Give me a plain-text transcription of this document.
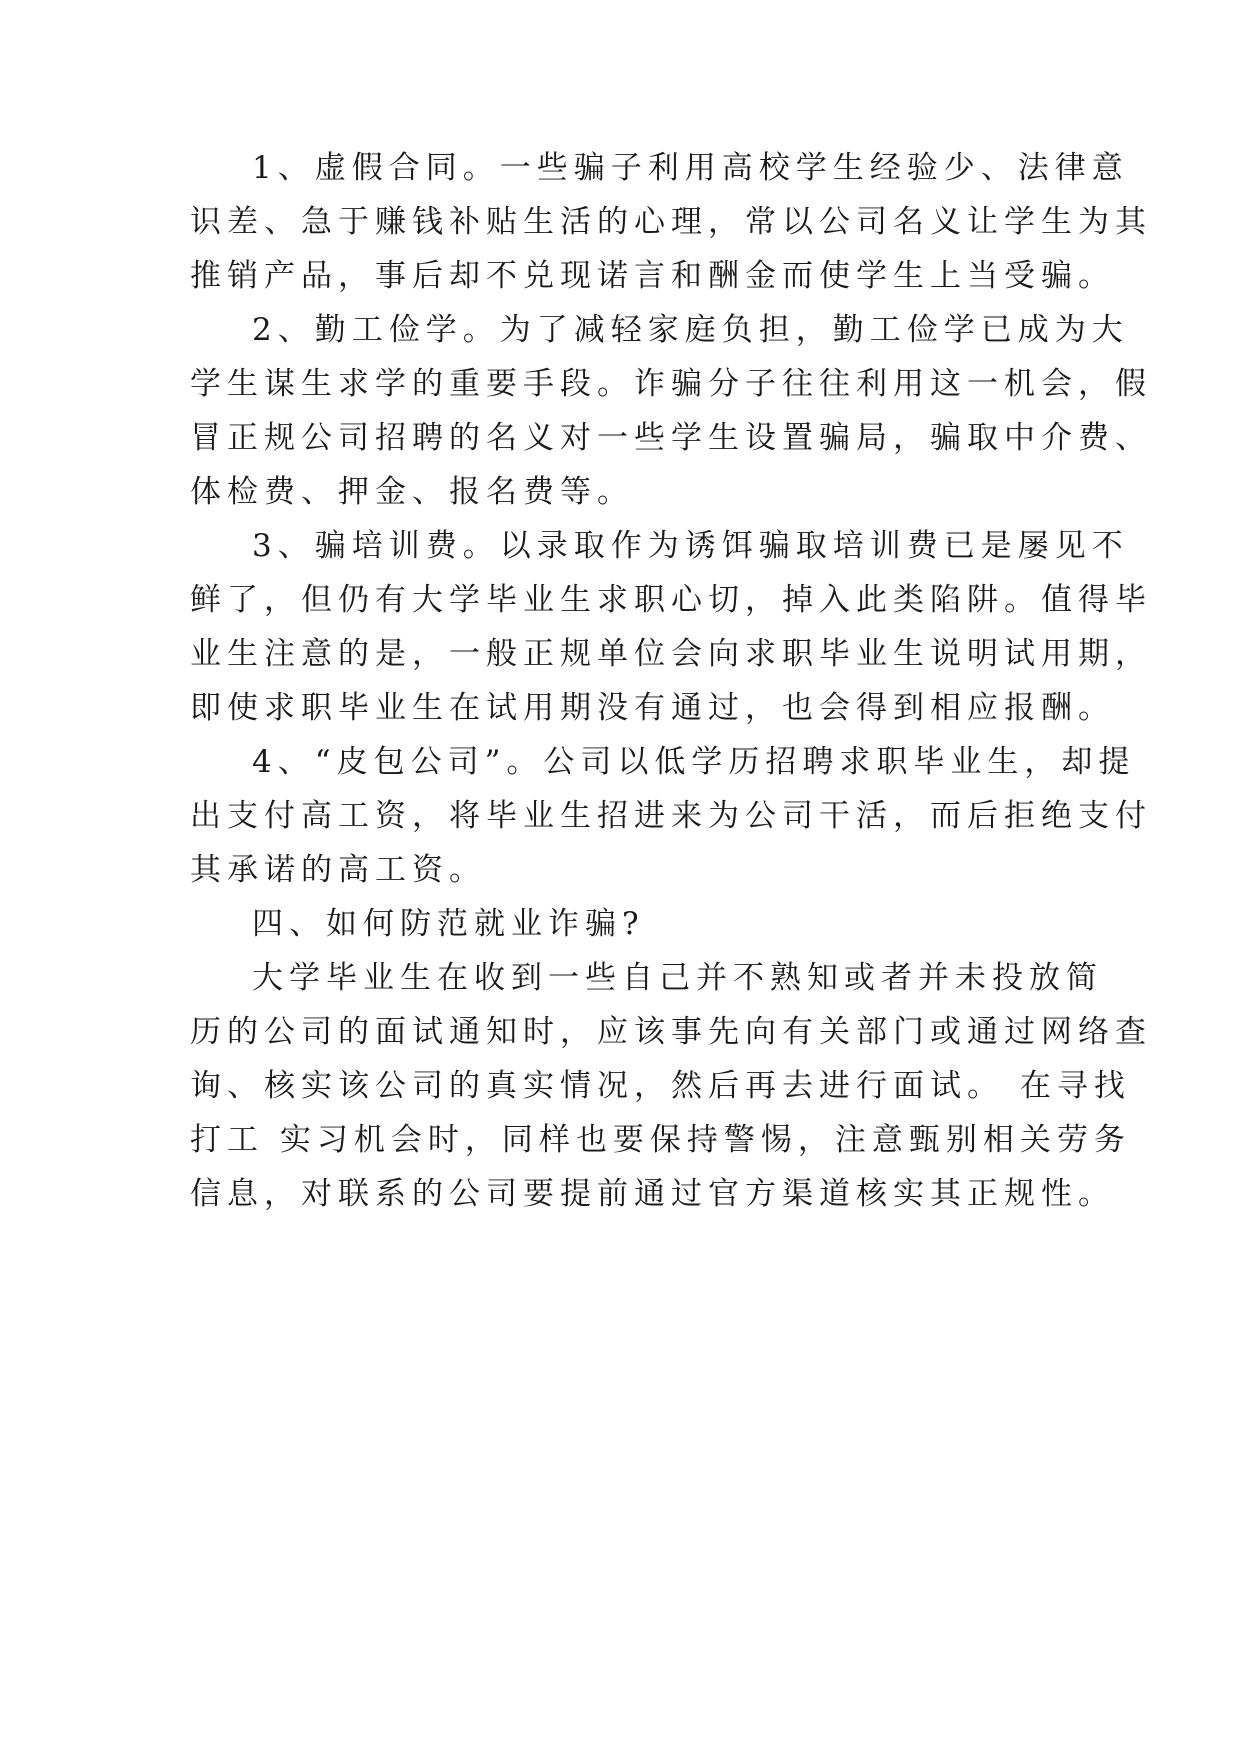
1、虚假合同。一些骗子利用高校学生经验少、法律意
识差、急于赚钱补贴生活的心理，常以公司名义让学生为其
推销产品，事后却不兑现诺言和酬金而使学生上当受骗。
2、勤工俭学。为了减轻家庭负担，勤工俭学已成为大
学生谋生求学的重要手段。诈骗分子往往利用这一机会，假
冒正规公司招聘的名义对一些学生设置骗局，骗取中介费、
体检费、押金、报名费等。
3、骗培训费。以录取作为诱饵骗取培训费已是屡见不
鲜了，但仍有大学毕业生求职心切，掉入此类陷阱。值得毕
业生注意的是，一般正规单位会向求职毕业生说明试用期，
即使求职毕业生在试用期没有通过，也会得到相应报酬。
4、“皮包公司”。公司以低学历招聘求职毕业生，却提
出支付高工资，将毕业生招进来为公司干活，而后拒绝支付
其承诺的高工资。
四、如何防范就业诈骗?
大学毕业生在收到一些自己并不熟知或者并未投放简
历的公司的面试通知时，应该事先向有关部门或通过网络查
询、核实该公司的真实情况，然后再去进行面试。 在寻找
打工 实习机会时，同样也要保持警惕，注意甄别相关劳务
信息，对联系的公司要提前通过官方渠道核实其正规性。
